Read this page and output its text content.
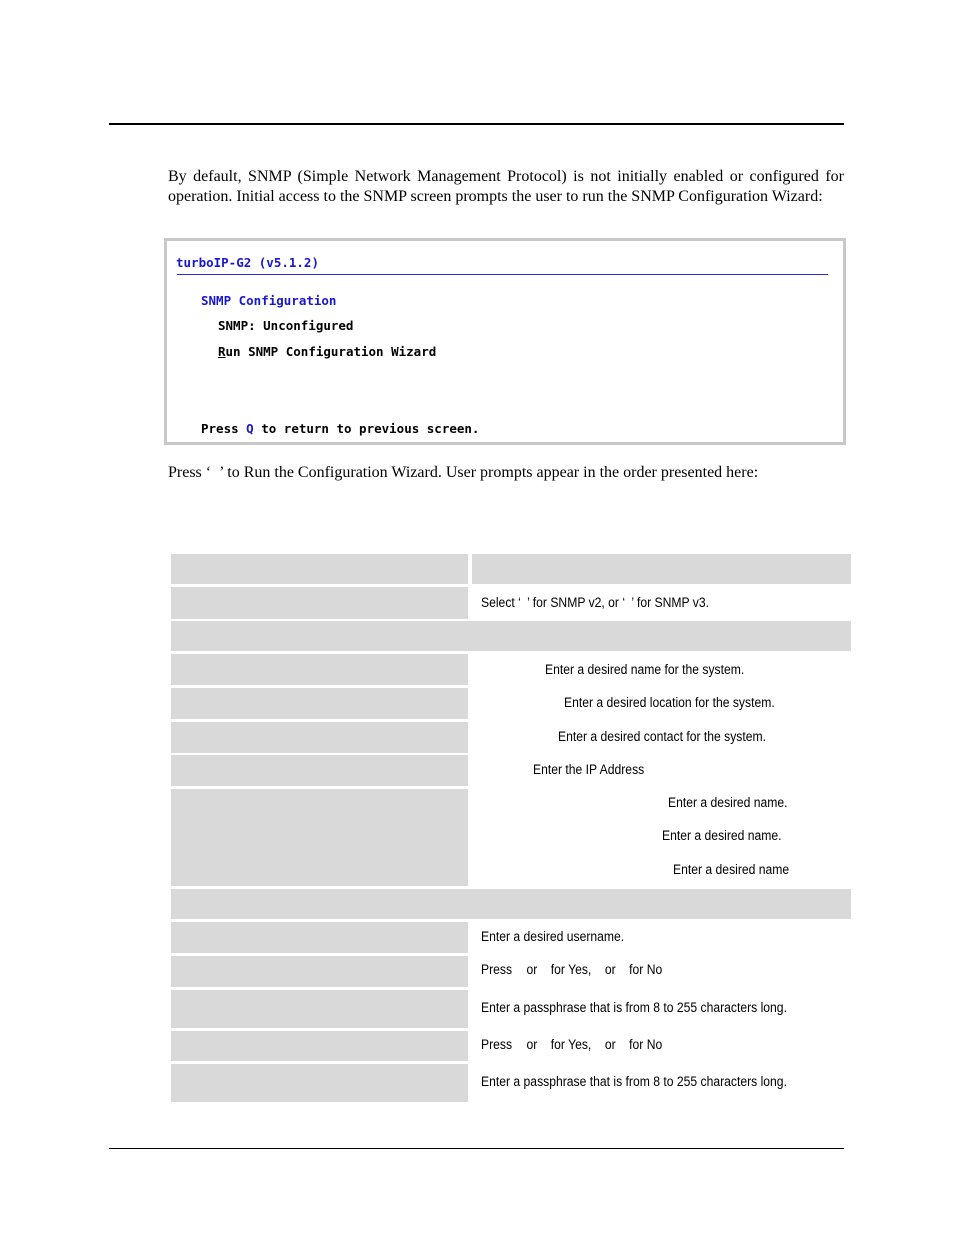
By default, SNMP (Simple Network Management Protocol) is not initially enabled or configured for operation. Initial access to the SNMP screen prompts the user to run the SNMP Configuration Wizard:

turboIP-G2 (v5.1.2)
SNMP Configuration
SNMP: Unconfigured
Run SNMP Configuration Wizard
Press Q to return to previous screen.

Press ‘ ’ to Run the Configuration Wizard. User prompts appear in the order presented here:

Select ‘ ’ for SNMP v2, or ‘ ’ for SNMP v3.
Enter a desired name for the system.
Enter a desired location for the system.
Enter a desired contact for the system.
Enter the IP Address
Enter a desired name.
Enter a desired name.
Enter a desired name
Enter a desired username.
Press or for Yes, or for No
Enter a passphrase that is from 8 to 255 characters long.
Press or for Yes, or for No
Enter a passphrase that is from 8 to 255 characters long.
